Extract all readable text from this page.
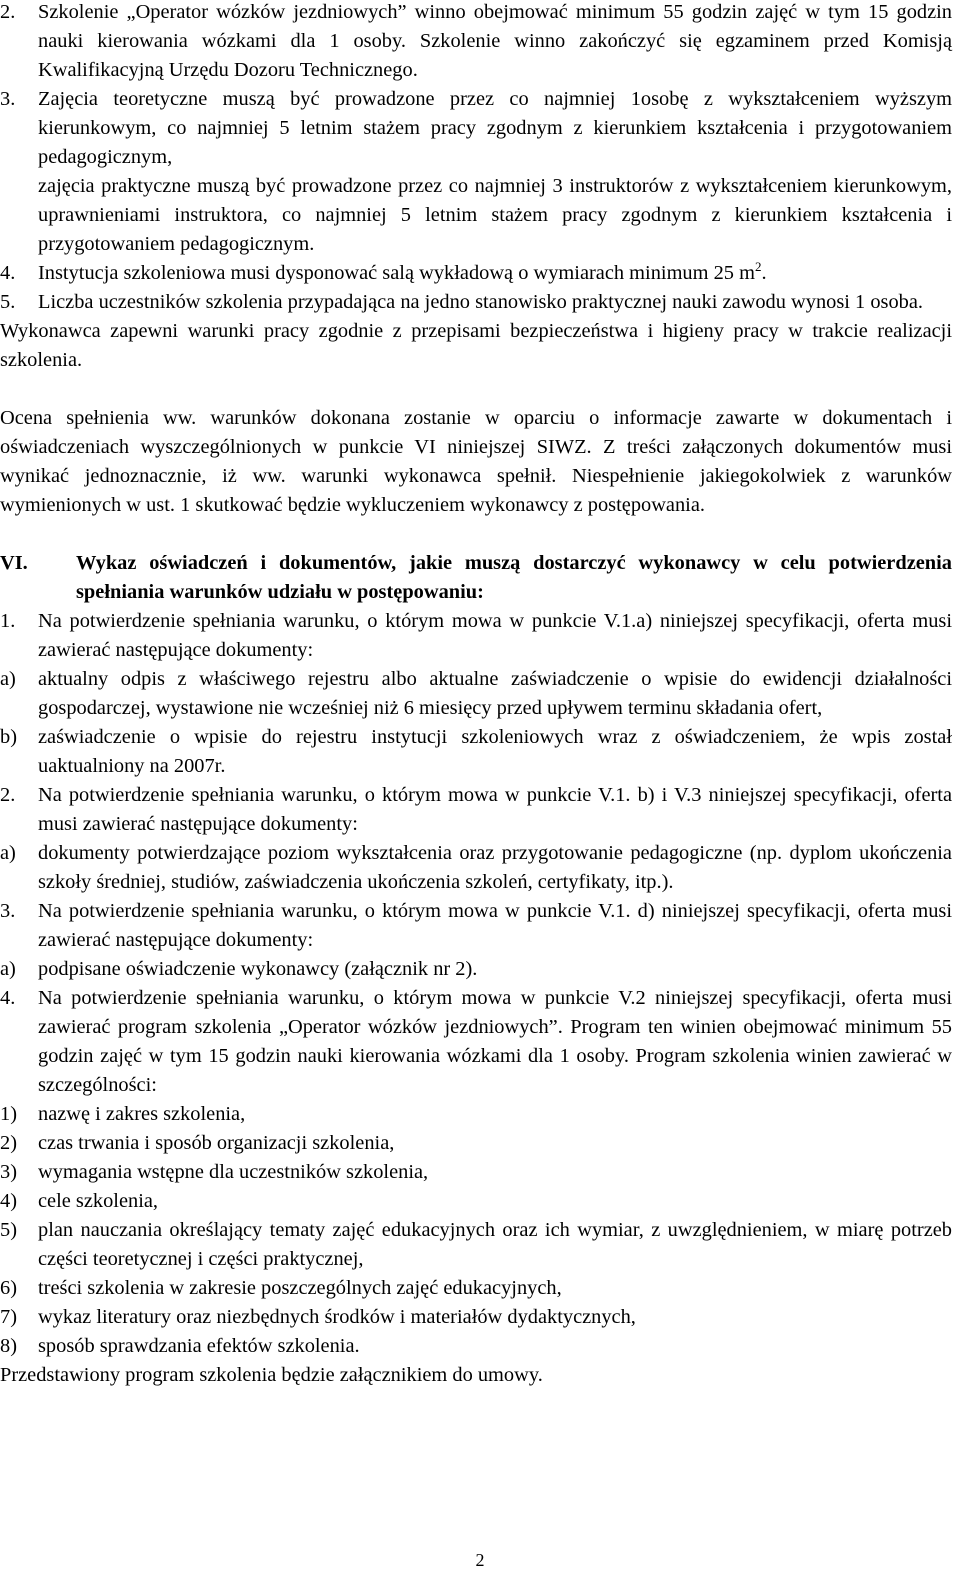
2.	Szkolenie „Operator wózków jezdniowych” winno obejmować minimum 55 godzin zajęć w tym 15 godzin nauki kierowania wózkami dla 1 osoby. Szkolenie winno zakończyć się egzaminem przed Komisją Kwalifikacyjną Urzędu Dozoru Technicznego.
3.	Zajęcia teoretyczne muszą być prowadzone przez co najmniej 1osobę z wykształceniem wyższym kierunkowym, co najmniej 5 letnim stażem pracy zgodnym z kierunkiem kształcenia i przygotowaniem pedagogicznym,
zajęcia praktyczne muszą być prowadzone przez co najmniej 3 instruktorów z wykształceniem kierunkowym, uprawnieniami instruktora, co najmniej 5 letnim stażem pracy zgodnym z kierunkiem kształcenia i przygotowaniem pedagogicznym.
4.	Instytucja szkoleniowa musi dysponować salą wykładową o wymiarach minimum 25 $m^2$.
5.	Liczba uczestników szkolenia przypadająca na jedno stanowisko praktycznej nauki zawodu wynosi 1 osoba.

Wykonawca zapewni warunki pracy zgodnie z przepisami bezpieczeństwa i higieny pracy w trakcie realizacji szkolenia.

Ocena spełnienia ww. warunków dokonana zostanie w oparciu o informacje zawarte w dokumentach i oświadczeniach wyszczególnionych w punkcie VI niniejszej SIWZ. Z treści załączonych dokumentów musi wynikać jednoznacznie, iż ww. warunki wykonawca spełnił. Niespełnienie jakiegokolwiek z warunków wymienionych w ust. 1 skutkować będzie wykluczeniem wykonawcy z postępowania.

VI.	Wykaz oświadczeń i dokumentów, jakie muszą dostarczyć wykonawcy w celu potwierdzenia spełniania warunków udziału w postępowaniu:
1.	Na potwierdzenie spełniania warunku, o którym mowa w punkcie V.1.a) niniejszej specyfikacji, oferta musi zawierać następujące dokumenty:
a)	aktualny odpis z właściwego rejestru albo aktualne zaświadczenie o wpisie do ewidencji działalności gospodarczej, wystawione nie wcześniej niż 6 miesięcy przed upływem terminu składania ofert,
b)	zaświadczenie o wpisie do rejestru instytucji szkoleniowych wraz z oświadczeniem, że wpis został uaktualniony na 2007r.
2.	Na potwierdzenie spełniania warunku, o którym mowa w punkcie V.1. b) i V.3 niniejszej specyfikacji, oferta musi zawierać następujące dokumenty:
a)	dokumenty potwierdzające poziom wykształcenia oraz przygotowanie pedagogiczne (np. dyplom ukończenia szkoły średniej, studiów, zaświadczenia ukończenia szkoleń, certyfikaty, itp.).
3.	Na potwierdzenie spełniania warunku, o którym mowa w punkcie V.1. d) niniejszej specyfikacji, oferta musi zawierać następujące dokumenty:
a)	podpisane oświadczenie wykonawcy (załącznik nr 2).
4.	Na potwierdzenie spełniania warunku, o którym mowa w punkcie V.2 niniejszej specyfikacji, oferta musi zawierać program szkolenia „Operator wózków jezdniowych”. Program ten winien obejmować minimum 55 godzin zajęć w tym 15 godzin nauki kierowania wózkami dla 1 osoby. Program szkolenia winien zawierać w szczególności:
1)	nazwę i zakres szkolenia,
2)	czas trwania i sposób organizacji szkolenia,
3)	wymagania wstępne dla uczestników szkolenia,
4)	cele szkolenia,
5)	plan nauczania określający tematy zajęć edukacyjnych oraz ich wymiar, z uwzględnieniem, w miarę potrzeb części teoretycznej i części praktycznej,
6)	treści szkolenia w zakresie poszczególnych zajęć edukacyjnych,
7)	wykaz literatury oraz niezbędnych środków i materiałów dydaktycznych,
8)	sposób sprawdzania efektów szkolenia.

Przedstawiony program szkolenia będzie załącznikiem do umowy.

2
